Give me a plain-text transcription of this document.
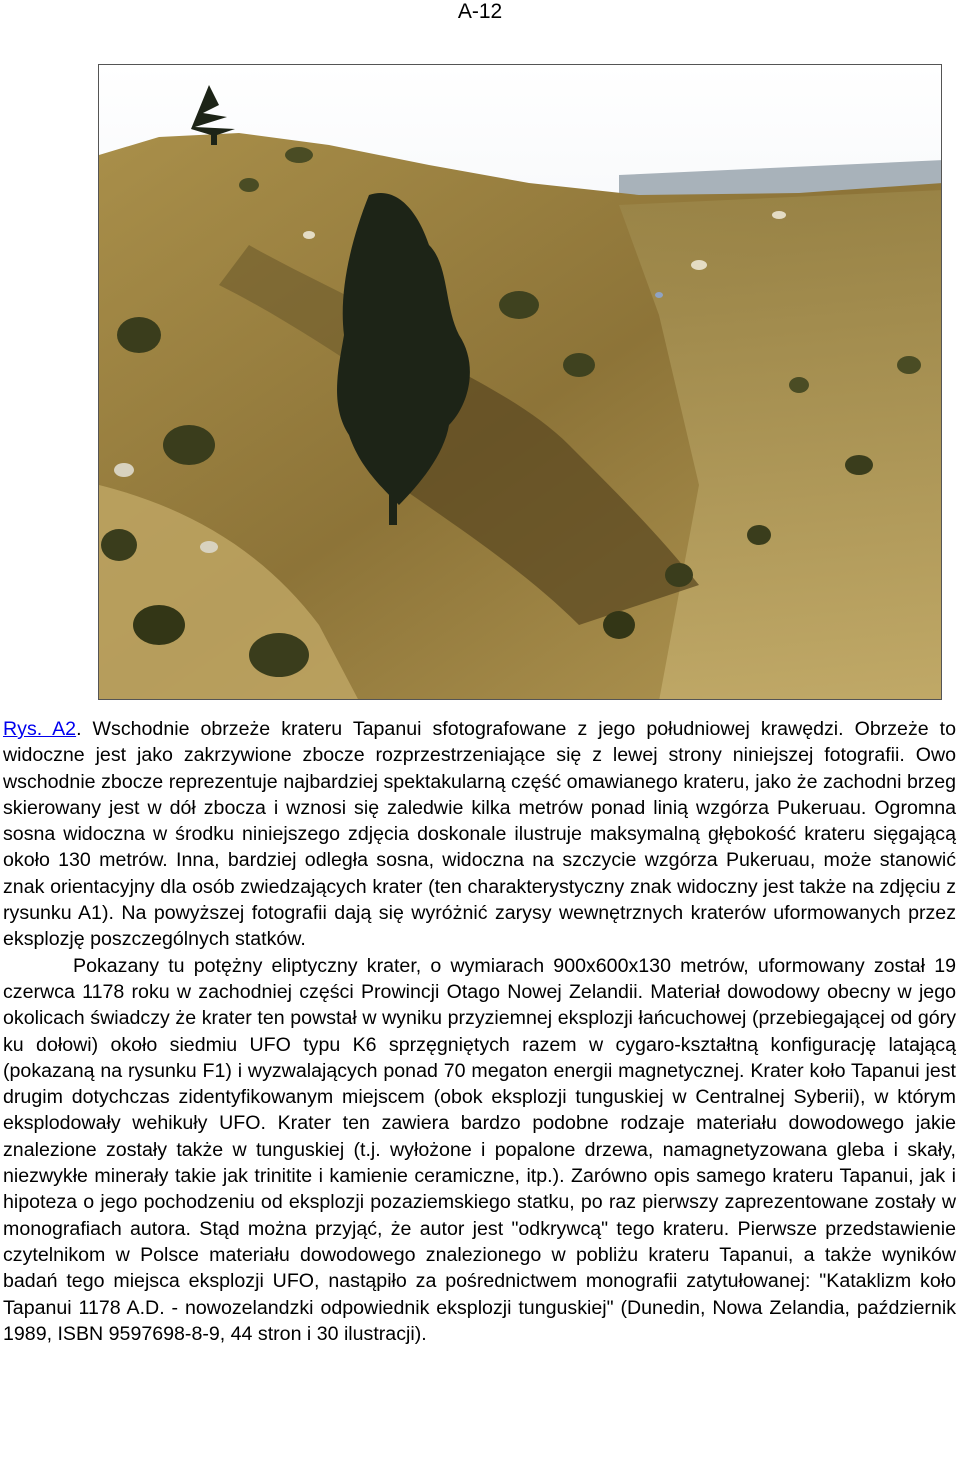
A-12

Rys. A2. Wschodnie obrzeże krateru Tapanui sfotografowane z jego południowej krawędzi. Obrzeże to widoczne jest jako zakrzywione zbocze rozprzestrzeniające się z lewej strony niniejszej fotografii. Owo wschodnie zbocze reprezentuje najbardziej spektakularną część omawianego krateru, jako że zachodni brzeg skierowany jest w dół zbocza i wznosi się zaledwie kilka metrów ponad linią wzgórza Pukeruau. Ogromna sosna widoczna w środku niniejszego zdjęcia doskonale ilustruje maksymalną głębokość krateru sięgającą około 130 metrów. Inna, bardziej odległa sosna, widoczna na szczycie wzgórza Pukeruau, może stanowić znak orientacyjny dla osób zwiedzających krater (ten charakterystyczny znak widoczny jest także na zdjęciu z rysunku A1). Na powyższej fotografii dają się wyróżnić zarysy wewnętrznych kraterów uformowanych przez eksplozję poszczególnych statków.

Pokazany tu potężny eliptyczny krater, o wymiarach 900x600x130 metrów, uformowany został 19 czerwca 1178 roku w zachodniej części Prowincji Otago Nowej Zelandii. Materiał dowodowy obecny w jego okolicach świadczy że krater ten powstał w wyniku przyziemnej eksplozji łańcuchowej (przebiegającej od góry ku dołowi) około siedmiu UFO typu K6 sprzęgniętych razem w cygaro-kształtną konfigurację latającą (pokazaną na rysunku F1) i wyzwalających ponad 70 megaton energii magnetycznej. Krater koło Tapanui jest drugim dotychczas zidentyfikowanym miejscem (obok eksplozji tunguskiej w Centralnej Syberii), w którym eksplodowały wehikuły UFO. Krater ten zawiera bardzo podobne rodzaje materiału dowodowego jakie znalezione zostały także w tunguskiej (t.j. wyłożone i popalone drzewa, namagnetyzowana gleba i skały, niezwykłe minerały takie jak trinitite i kamienie ceramiczne, itp.). Zarówno opis samego krateru Tapanui, jak i hipoteza o jego pochodzeniu od eksplozji pozaziemskiego statku, po raz pierwszy zaprezentowane zostały w monografiach autora. Stąd można przyjąć, że autor jest "odkrywcą" tego krateru. Pierwsze przedstawienie czytelnikom w Polsce materiału dowodowego znalezionego w pobliżu krateru Tapanui, a także wyników badań tego miejsca eksplozji UFO, nastąpiło za pośrednictwem monografii zatytułowanej: "Kataklizm koło Tapanui 1178 A.D. - nowozelandzki odpowiednik eksplozji tunguskiej" (Dunedin, Nowa Zelandia, październik 1989, ISBN 9597698-8-9, 44 stron i 30 ilustracji).
